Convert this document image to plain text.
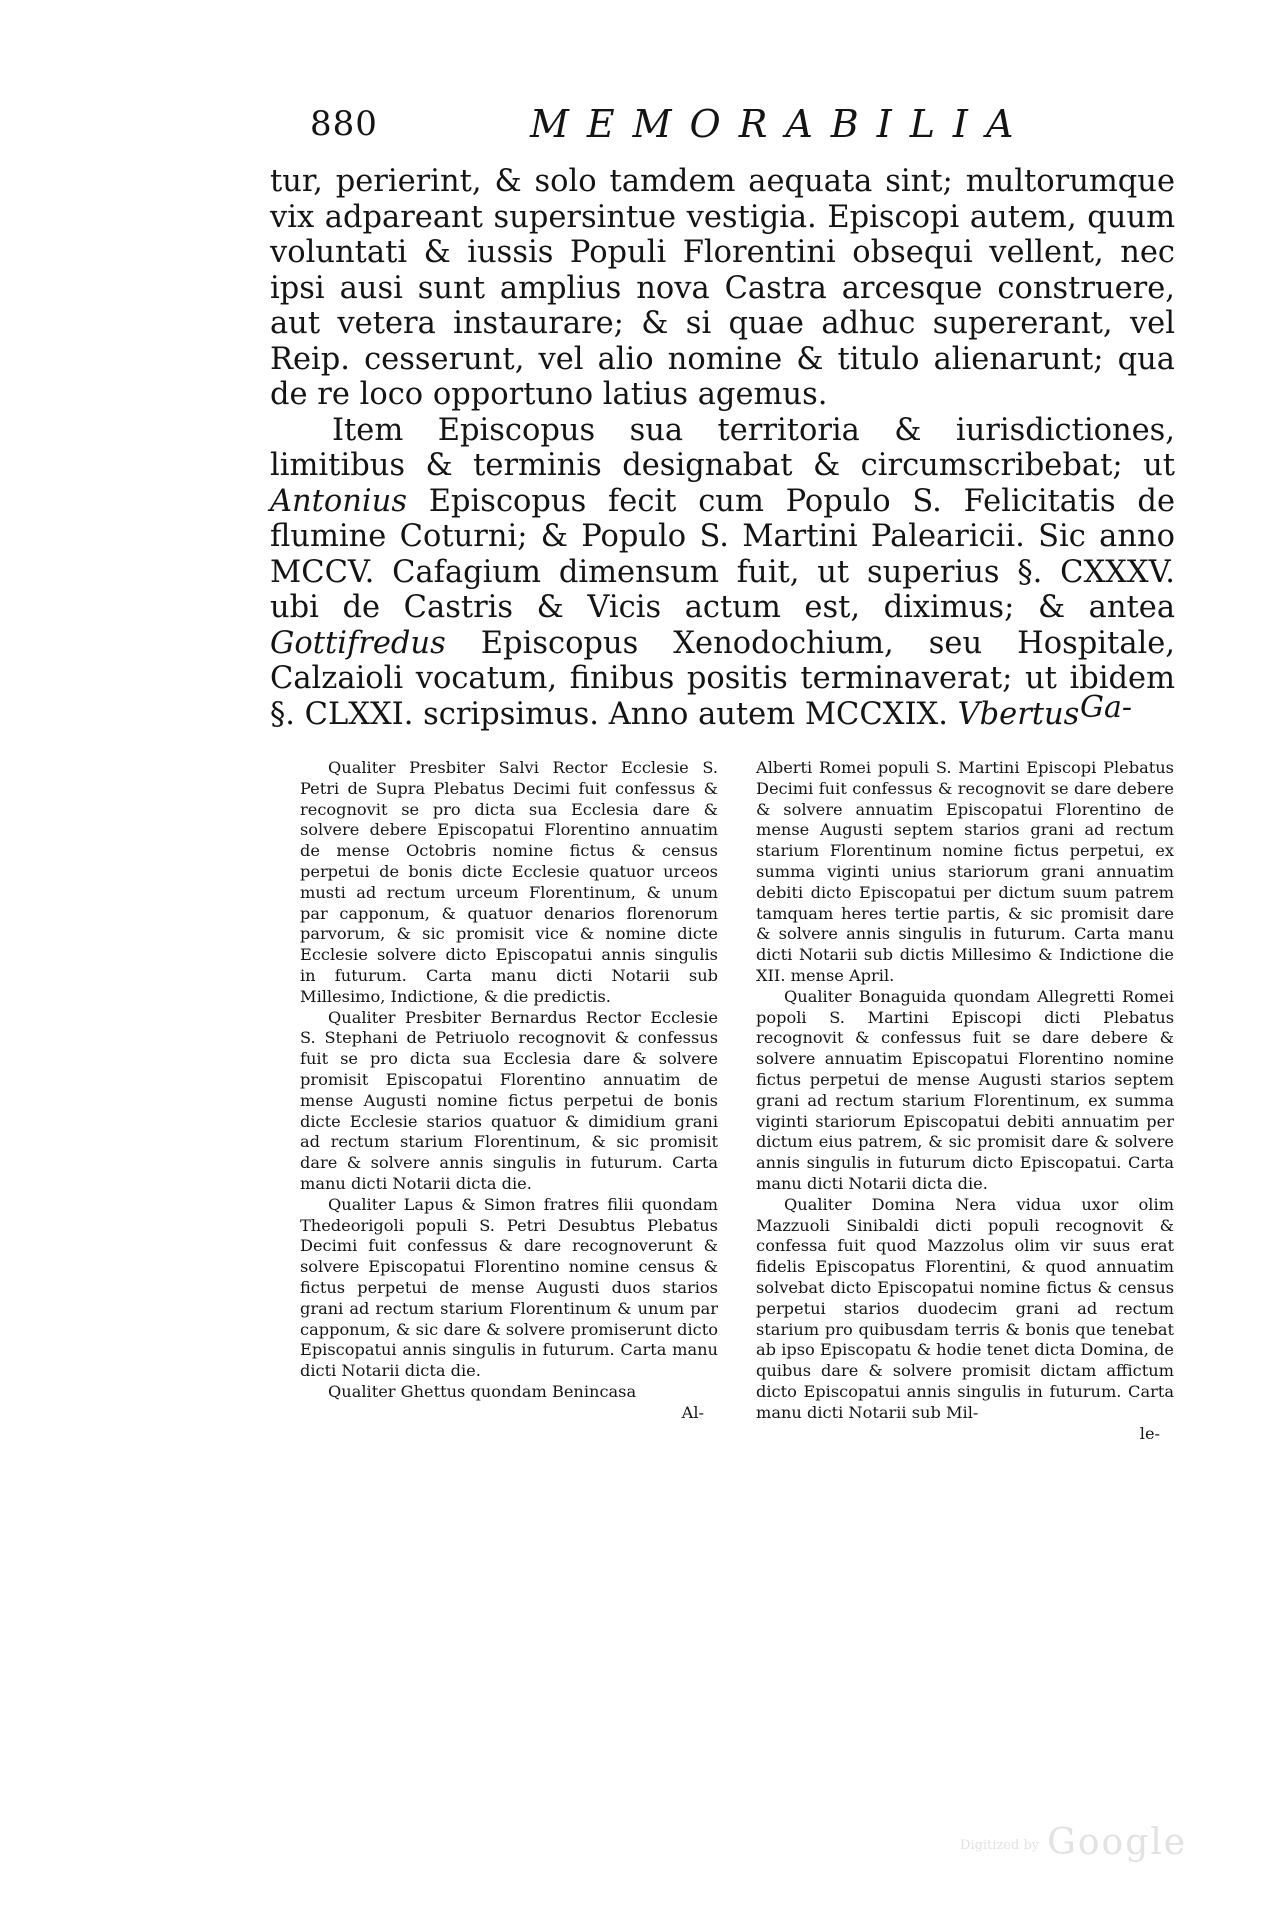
880	MEMORABILIA

tur, perierint, & solo tamdem aequata sint; multorumque vix adpareant supersintue vestigia. Episcopi autem, quum voluntati & iussis Populi Florentini obsequi vellent, nec ipsi ausi sunt amplius nova Castra arcesque construere, aut vetera instaurare; & si quae adhuc supererant, vel Reip. cesserunt, vel alio nomine & titulo alienarunt; qua de re loco opportuno latius agemus.

Item Episcopus sua territoria & iurisdictiones, limitibus & terminis designabat & circumscribebat; ut Antonius Episcopus fecit cum Populo S. Felicitatis de flumine Coturni; & Populo S. Martini Palearicii. Sic anno MCCV. Cafagium dimensum fuit, ut superius §. CXXXV. ubi de Castris & Vicis actum est, diximus; & antea Gottifredus Episcopus Xenodochium, seu Hospitale, Calzaioli vocatum, finibus positis terminaverat; ut ibidem §. CLXXI. scripsimus. Anno autem MCCXIX. Vbertus Ga-

Qualiter Presbiter Salvi Rector Ecclesie S. Petri de Supra Plebatus Decimi fuit confessus & recognovit se pro dicta sua Ecclesia dare & solvere debere Episcopatui Florentino annuatim de mense Octobris nomine fictus & census perpetui de bonis dicte Ecclesie quatuor urceos musti ad rectum urceum Florentinum, & unum par capponum, & quatuor denarios florenorum parvorum, & sic promisit vice & nomine dicte Ecclesie solvere dicto Episcopatui annis singulis in futurum. Carta manu dicti Notarii sub Millesimo, Indictione, & die predictis.

Qualiter Presbiter Bernardus Rector Ecclesie S. Stephani de Petriuolo recognovit & confessus fuit se pro dicta sua Ecclesia dare & solvere promisit Episcopatui Florentino annuatim de mense Augusti nomine fictus perpetui de bonis dicte Ecclesie starios quatuor & dimidium grani ad rectum starium Florentinum, & sic promisit dare & solvere annis singulis in futurum. Carta manu dicti Notarii dicta die.

Qualiter Lapus & Simon fratres filii quondam Thedeorigoli populi S. Petri Desubtus Plebatus Decimi fuit confessus & dare recognoverunt & solvere Episcopatui Florentino nomine census & fictus perpetui de mense Augusti duos starios grani ad rectum starium Florentinum & unum par capponum, & sic dare & solvere promiserunt dicto Episcopatui annis singulis in futurum. Carta manu dicti Notarii dicta die.

Qualiter Ghettus quondam Benincasa

Al-

Alberti Romei populi S. Martini Episcopi Plebatus Decimi fuit confessus & recognovit se dare debere & solvere annuatim Episcopatui Florentino de mense Augusti septem starios grani ad rectum starium Florentinum nomine fictus perpetui, ex summa viginti unius stariorum grani annuatim debiti dicto Episcopatui per dictum suum patrem tamquam heres tertie partis, & sic promisit dare & solvere annis singulis in futurum. Carta manu dicti Notarii sub dictis Millesimo & Indictione die XII. mense April.

Qualiter Bonaguida quondam Allegretti Romei popoli S. Martini Episcopi dicti Plebatus recognovit & confessus fuit se dare debere & solvere annuatim Episcopatui Florentino nomine fictus perpetui de mense Augusti starios septem grani ad rectum starium Florentinum, ex summa viginti stariorum Episcopatui debiti annuatim per dictum eius patrem, & sic promisit dare & solvere annis singulis in futurum dicto Episcopatui. Carta manu dicti Notarii dicta die.

Qualiter Domina Nera vidua uxor olim Mazzuoli Sinibaldi dicti populi recognovit & confessa fuit quod Mazzolus olim vir suus erat fidelis Episcopatus Florentini, & quod annuatim solvebat dicto Episcopatui nomine fictus & census perpetui starios duodecim grani ad rectum starium pro quibusdam terris & bonis que tenebat ab ipso Episcopatu & hodie tenet dicta Domina, de quibus dare & solvere promisit dictam affictum dicto Episcopatui annis singulis in futurum. Carta manu dicti Notarii sub Mil-

le-
Digitized by Google
